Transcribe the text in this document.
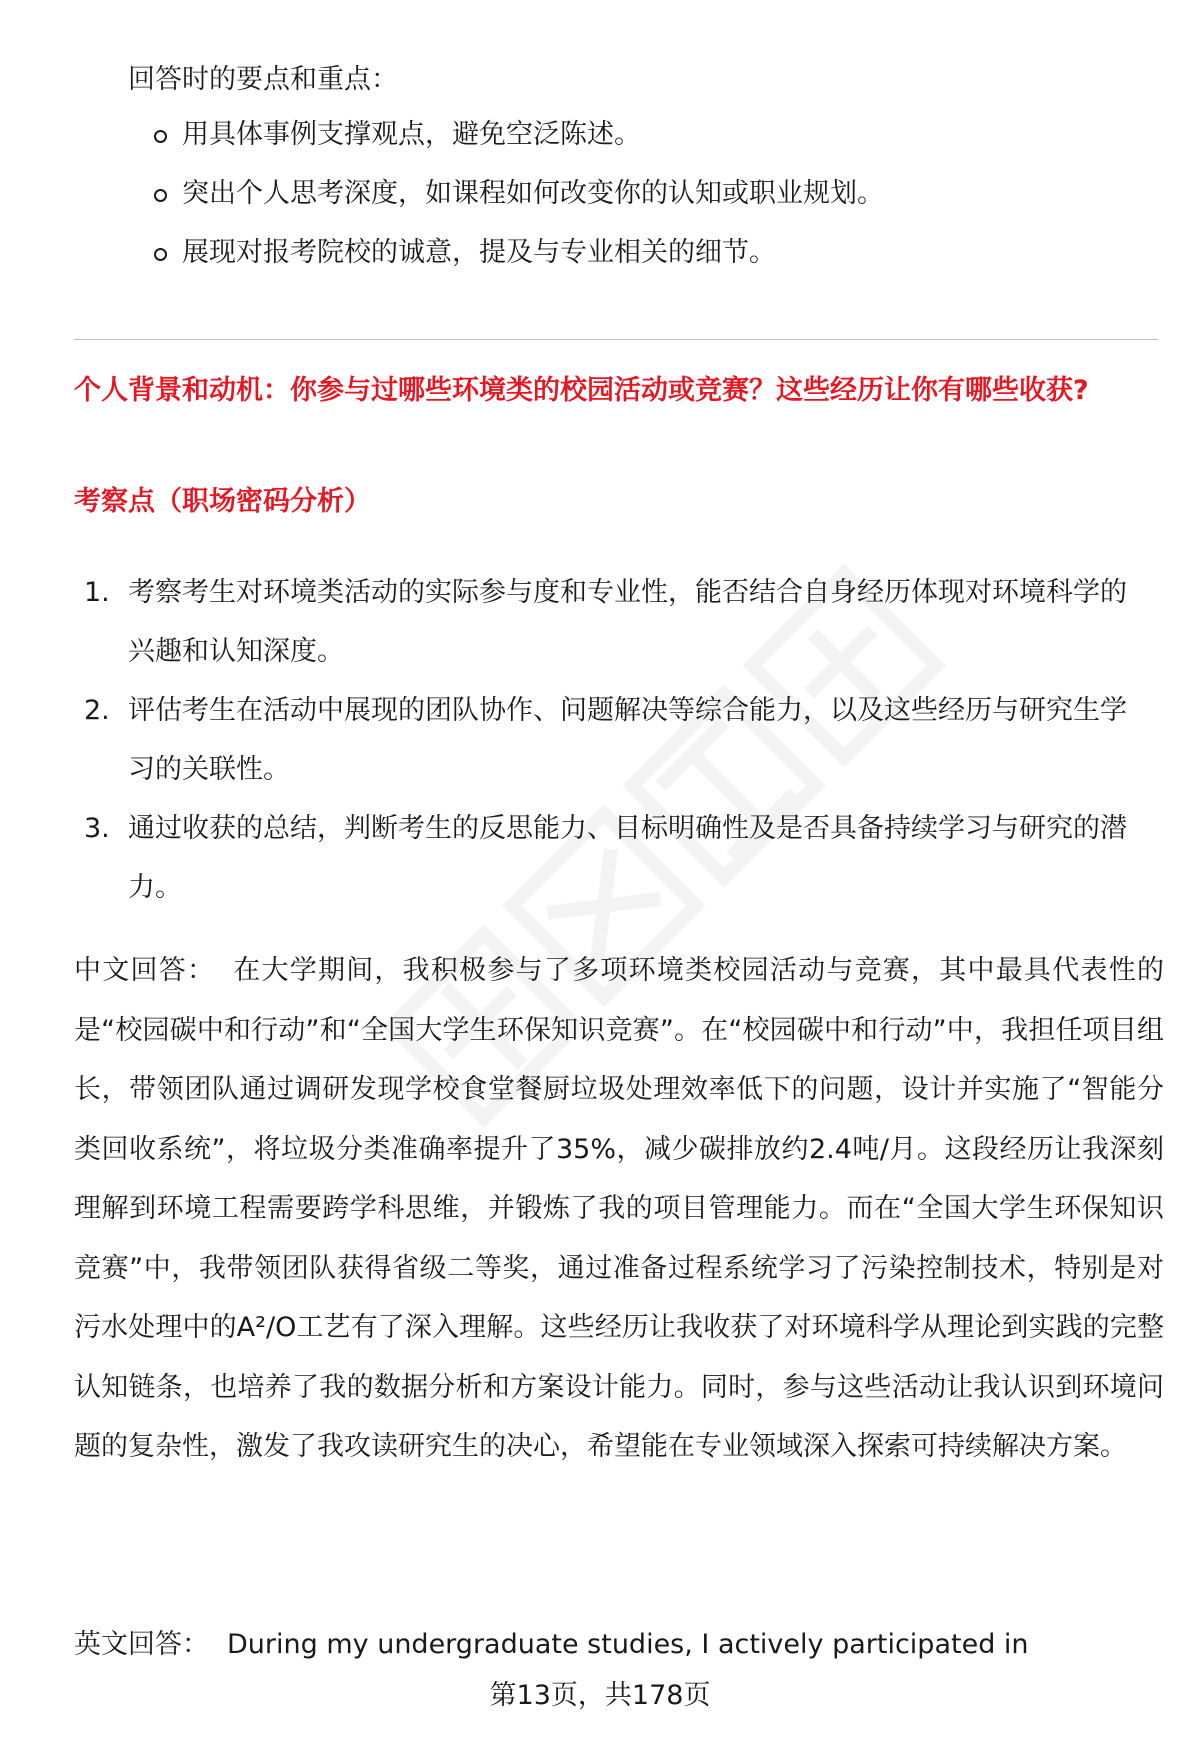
回答时的要点和重点：

用具体事例支撑观点，避免空泛陈述。
突出个人思考深度，如课程如何改变你的认知或职业规划。
展现对报考院校的诚意，提及与专业相关的细节。

个人背景和动机：你参与过哪些环境类的校园活动或竞赛？这些经历让你有哪些收获?

考察点（职场密码分析）

1. 考察考生对环境类活动的实际参与度和专业性，能否结合自身经历体现对环境科学的兴趣和认知深度。
2. 评估考生在活动中展现的团队协作、问题解决等综合能力，以及这些经历与研究生学习的关联性。
3. 通过收获的总结，判断考生的反思能力、目标明确性及是否具备持续学习与研究的潜力。

中文回答： 在大学期间，我积极参与了多项环境类校园活动与竞赛，其中最具代表性的是“校园碳中和行动”和“全国大学生环保知识竞赛”。在“校园碳中和行动”中，我担任项目组长，带领团队通过调研发现学校食堂餐厨垃圾处理效率低下的问题，设计并实施了“智能分类回收系统”，将垃圾分类准确率提升了35%，减少碳排放约2.4吨/月。这段经历让我深刻理解到环境工程需要跨学科思维，并锻炼了我的项目管理能力。而在“全国大学生环保知识竞赛”中，我带领团队获得省级二等奖，通过准备过程系统学习了污染控制技术，特别是对污水处理中的A²/O工艺有了深入理解。这些经历让我收获了对环境科学从理论到实践的完整认知链条，也培养了我的数据分析和方案设计能力。同时，参与这些活动让我认识到环境问题的复杂性，激发了我攻读研究生的决心，希望能在专业领域深入探索可持续解决方案。

英文回答： During my undergraduate studies, I actively participated in

第13页，共178页
